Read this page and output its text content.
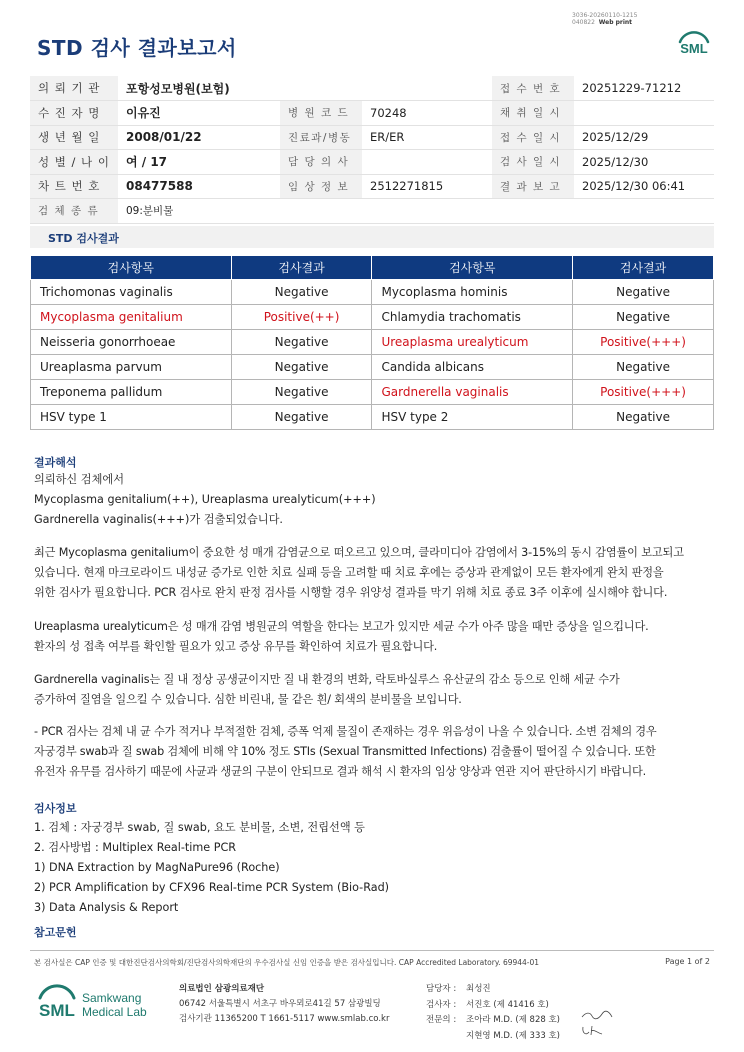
3036-20260110-1215
040822 Web print
STD 검사 결과보고서	SML
의 뢰 기 관	포항성모병원(보험)			접 수 번 호	20251229-71212
수 진 자 명	이유진	병 원 코 드	70248	채 취 일 시	
생 년 월 일	2008/01/22	진료과/병동	ER/ER	접 수 일 시	2025/12/29
성 별 / 나 이	여 / 17	담 당 의 사		검 사 일 시	2025/12/30
차 트 번 호	08477588	임 상 정 보	2512271815	결 과 보 고	2025/12/30 06:41
검 체 종 류	09:분비물				
STD 검사결과
검사항목	검사결과	검사항목	검사결과
Trichomonas vaginalis	Negative	Mycoplasma hominis	Negative
Mycoplasma genitalium	Positive(++)	Chlamydia trachomatis	Negative
Neisseria gonorrhoeae	Negative	Ureaplasma urealyticum	Positive(+++)
Ureaplasma parvum	Negative	Candida albicans	Negative
Treponema pallidum	Negative	Gardnerella vaginalis	Positive(+++)
HSV type 1	Negative	HSV type 2	Negative
결과해석
의뢰하신 검체에서
Mycoplasma genitalium(++), Ureaplasma urealyticum(+++)
Gardnerella vaginalis(+++)가 검출되었습니다.
최근 Mycoplasma genitalium이 중요한 성 매개 감염균으로 떠오르고 있으며, 클라미디아 감염에서 3-15%의 동시 감염률이 보고되고
있습니다. 현재 마크로라이드 내성균 증가로 인한 치료 실패 등을 고려할 때 치료 후에는 증상과 관계없이 모든 환자에게 완치 판정을
위한 검사가 필요합니다. PCR 검사로 완치 판정 검사를 시행할 경우 위양성 결과를 막기 위해 치료 종료 3주 이후에 실시해야 합니다.
Ureaplasma urealyticum은 성 매개 감염 병원균의 역할을 한다는 보고가 있지만 세균 수가 아주 많을 때만 증상을 일으킵니다.
환자의 성 접촉 여부를 확인할 필요가 있고 증상 유무를 확인하여 치료가 필요합니다.
Gardnerella vaginalis는 질 내 정상 공생균이지만 질 내 환경의 변화, 락토바실루스 유산균의 감소 등으로 인해 세균 수가
증가하여 질염을 일으킬 수 있습니다. 심한 비린내, 물 같은 흰/ 회색의 분비물을 보입니다.
- PCR 검사는 검체 내 균 수가 적거나 부적절한 검체, 증폭 억제 물질이 존재하는 경우 위음성이 나올 수 있습니다. 소변 검체의 경우
자궁경부 swab과 질 swab 검체에 비해 약 10% 정도 STIs (Sexual Transmitted Infections) 검출률이 떨어질 수 있습니다. 또한
유전자 유무를 검사하기 때문에 사균과 생균의 구분이 안되므로 결과 해석 시 환자의 임상 양상과 연관 지어 판단하시기 바랍니다.
검사정보
1. 검체 : 자궁경부 swab, 질 swab, 요도 분비물, 소변, 전립선액 등
2. 검사방법 : Multiplex Real-time PCR
1) DNA Extraction by MagNaPure96 (Roche)
2) PCR Amplification by CFX96 Real-time PCR System (Bio-Rad)
3) Data Analysis & Report
참고문헌
본 검사실은 CAP 인증 및 대한진단검사의학회/진단검사의학재단의 우수검사실 신임 인증을 받은 검사실입니다. CAP Accredited Laboratory. 69944-01	Page 1 of 2
SML
Samkwang
Medical Lab
의료법인 삼광의료재단
06742 서울특별시 서초구 바우뫼로41길 57 삼광빌딩
검사기관 11365200 T 1661-5117 www.smlab.co.kr
담당자 :	최성진
검사자 :	서진호 (제 41416 호)
전문의 :	조아라 M.D. (제 828 호)
지현영 M.D. (제 333 호)
